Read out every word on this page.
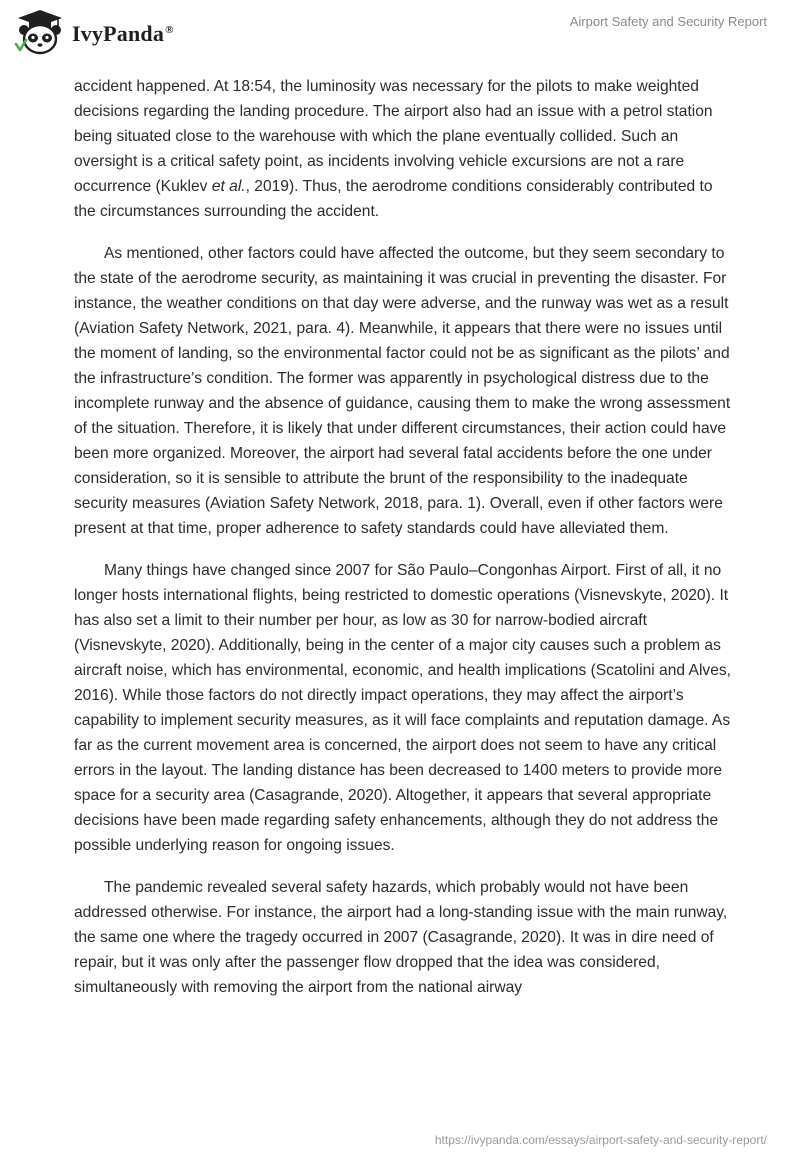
IvyPanda®
Airport Safety and Security Report

accident happened. At 18:54, the luminosity was necessary for the pilots to make weighted decisions regarding the landing procedure. The airport also had an issue with a petrol station being situated close to the warehouse with which the plane eventually collided. Such an oversight is a critical safety point, as incidents involving vehicle excursions are not a rare occurrence (Kuklev et al., 2019). Thus, the aerodrome conditions considerably contributed to the circumstances surrounding the accident.

As mentioned, other factors could have affected the outcome, but they seem secondary to the state of the aerodrome security, as maintaining it was crucial in preventing the disaster. For instance, the weather conditions on that day were adverse, and the runway was wet as a result (Aviation Safety Network, 2021, para. 4). Meanwhile, it appears that there were no issues until the moment of landing, so the environmental factor could not be as significant as the pilots’ and the infrastructure’s condition. The former was apparently in psychological distress due to the incomplete runway and the absence of guidance, causing them to make the wrong assessment of the situation. Therefore, it is likely that under different circumstances, their action could have been more organized. Moreover, the airport had several fatal accidents before the one under consideration, so it is sensible to attribute the brunt of the responsibility to the inadequate security measures (Aviation Safety Network, 2018, para. 1). Overall, even if other factors were present at that time, proper adherence to safety standards could have alleviated them.

Many things have changed since 2007 for São Paulo–Congonhas Airport. First of all, it no longer hosts international flights, being restricted to domestic operations (Visnevskyte, 2020). It has also set a limit to their number per hour, as low as 30 for narrow-bodied aircraft (Visnevskyte, 2020). Additionally, being in the center of a major city causes such a problem as aircraft noise, which has environmental, economic, and health implications (Scatolini and Alves, 2016). While those factors do not directly impact operations, they may affect the airport’s capability to implement security measures, as it will face complaints and reputation damage. As far as the current movement area is concerned, the airport does not seem to have any critical errors in the layout. The landing distance has been decreased to 1400 meters to provide more space for a security area (Casagrande, 2020). Altogether, it appears that several appropriate decisions have been made regarding safety enhancements, although they do not address the possible underlying reason for ongoing issues.

The pandemic revealed several safety hazards, which probably would not have been addressed otherwise. For instance, the airport had a long-standing issue with the main runway, the same one where the tragedy occurred in 2007 (Casagrande, 2020). It was in dire need of repair, but it was only after the passenger flow dropped that the idea was considered, simultaneously with removing the airport from the national airway

https://ivypanda.com/essays/airport-safety-and-security-report/
